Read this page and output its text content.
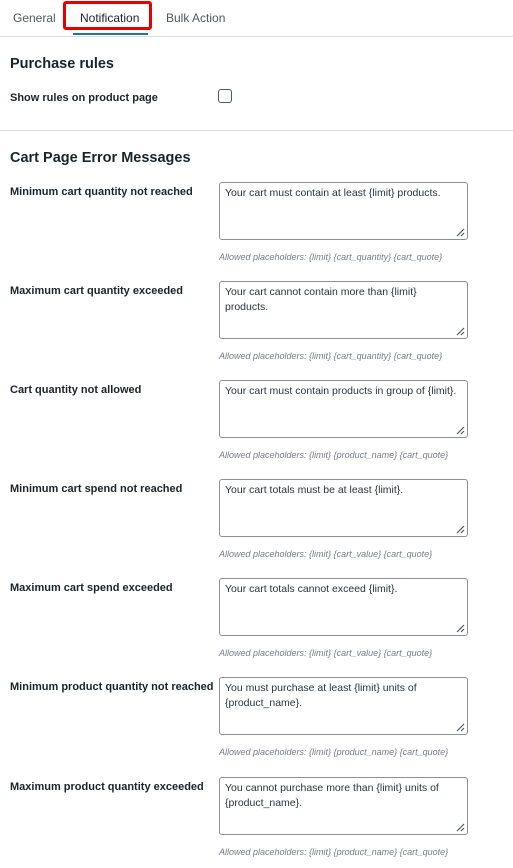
General Notification Bulk Action
Purchase rules
Show rules on product page
Cart Page Error Messages
Minimum cart quantity not reached
Your cart must contain at least {limit} products.
Allowed placeholders: {limit} {cart_quantity} {cart_quote}
Maximum cart quantity exceeded
Your cart cannot contain more than {limit} products.
Allowed placeholders: {limit} {cart_quantity} {cart_quote}
Cart quantity not allowed
Your cart must contain products in group of {limit}.
Allowed placeholders: {limit} {product_name} {cart_quote}
Minimum cart spend not reached
Your cart totals must be at least {limit}.
Allowed placeholders: {limit} {cart_value} {cart_quote}
Maximum cart spend exceeded
Your cart totals cannot exceed {limit}.
Allowed placeholders: {limit} {cart_value} {cart_quote}
Minimum product quantity not reached
You must purchase at least {limit} units of {product_name}.
Allowed placeholders: {limit} {product_name} {cart_quote}
Maximum product quantity exceeded
You cannot purchase more than {limit} units of {product_name}.
Allowed placeholders: {limit} {product_name} {cart_quote}
